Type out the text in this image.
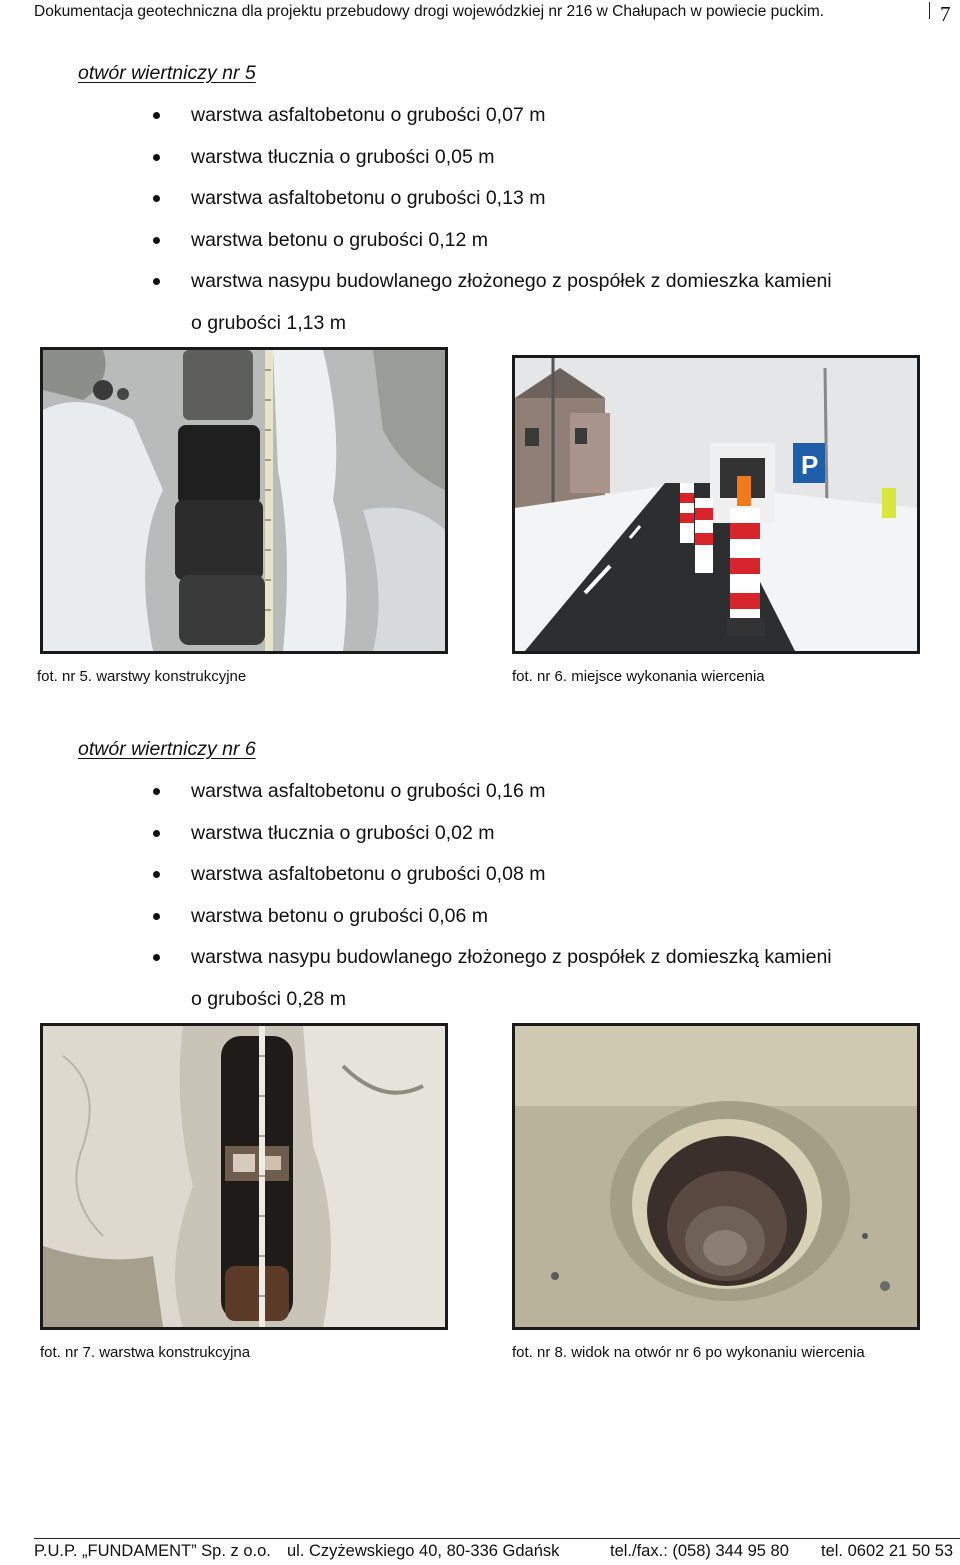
Dokumentacja geotechniczna dla projektu przebudowy drogi wojewódzkiej nr 216 w Chałupach w powiecie puckim.	7
otwór wiertniczy nr 5
warstwa asfaltobetonu o grubości 0,07 m
warstwa tłucznia o grubości 0,05 m
warstwa asfaltobetonu o grubości 0,13 m
warstwa betonu o grubości 0,12 m
warstwa nasypu budowlanego złożonego z pospółek z domieszka kamieni
o grubości 1,13 m
fot. nr 5. warstwy konstrukcyjne
P
fot. nr 6. miejsce wykonania wiercenia
otwór wiertniczy nr 6
warstwa asfaltobetonu o grubości 0,16 m
warstwa tłucznia o grubości 0,02 m
warstwa asfaltobetonu o grubości 0,08 m
warstwa betonu o grubości 0,06 m
warstwa nasypu budowlanego złożonego z pospółek z domieszką kamieni
o grubości 0,28 m
fot. nr 7. warstwa konstrukcyjna	fot. nr 8. widok na otwór nr 6 po wykonaniu wiercenia
P.U.P. „FUNDAMENT” Sp. z o.o. ul. Czyżewskiego 40, 80-336 Gdańsk	tel./fax.: (058) 344 95 80 tel. 0602 21 50 53
